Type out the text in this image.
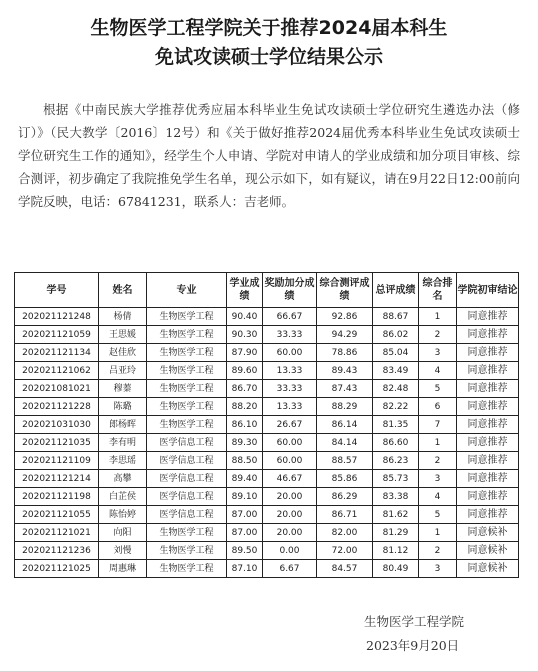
生物医学工程学院关于推荐2024届本科生
免试攻读硕士学位结果公示

根据《中南民族大学推荐优秀应届本科毕业生免试攻读硕士学位研究生遴选办法（修订）》（民大教学〔2016〕12号）和《关于做好推荐2024届优秀本科毕业生免试攻读硕士学位研究生工作的通知》，经学生个人申请、学院对申请人的学业成绩和加分项目审核、综合测评，初步确定了我院推免学生名单，现公示如下，如有疑议，请在9月22日12:00前向学院反映，电话：67841231，联系人：吉老师。

学号	姓名	专业	学业成绩	奖励加分成绩	综合测评成绩	总评成绩	综合排名	学院初审结论
202021121248	杨倩	生物医学工程	90.40	66.67	92.86	88.67	1	同意推荐
202021121059	王思媛	生物医学工程	90.30	33.33	94.29	86.02	2	同意推荐
202021121134	赵佳欣	生物医学工程	87.90	60.00	78.86	85.04	3	同意推荐
202021121062	吕亚玲	生物医学工程	89.60	13.33	89.43	83.49	4	同意推荐
202021081021	穆蓁	生物医学工程	86.70	33.33	87.43	82.48	5	同意推荐
202021121228	陈璐	生物医学工程	88.20	13.33	88.29	82.22	6	同意推荐
202021031030	郎杨晖	生物医学工程	86.10	26.67	86.14	81.35	7	同意推荐
202021121035	李有明	医学信息工程	89.30	60.00	84.14	86.60	1	同意推荐
202021121109	李思瑶	医学信息工程	88.50	60.00	88.57	86.23	2	同意推荐
202021121214	高攀	医学信息工程	89.40	46.67	85.86	85.73	3	同意推荐
202021121198	白芷侯	医学信息工程	89.10	20.00	86.29	83.38	4	同意推荐
202021121055	陈怡婷	医学信息工程	87.00	20.00	86.71	81.62	5	同意推荐
202021121021	向阳	生物医学工程	87.00	20.00	82.00	81.29	1	同意候补
202021121236	刘慢	生物医学工程	89.50	0.00	72.00	81.12	2	同意候补
202021121025	周惠琳	生物医学工程	87.10	6.67	84.57	80.49	3	同意候补
生物医学工程学院
2023年9月20日
